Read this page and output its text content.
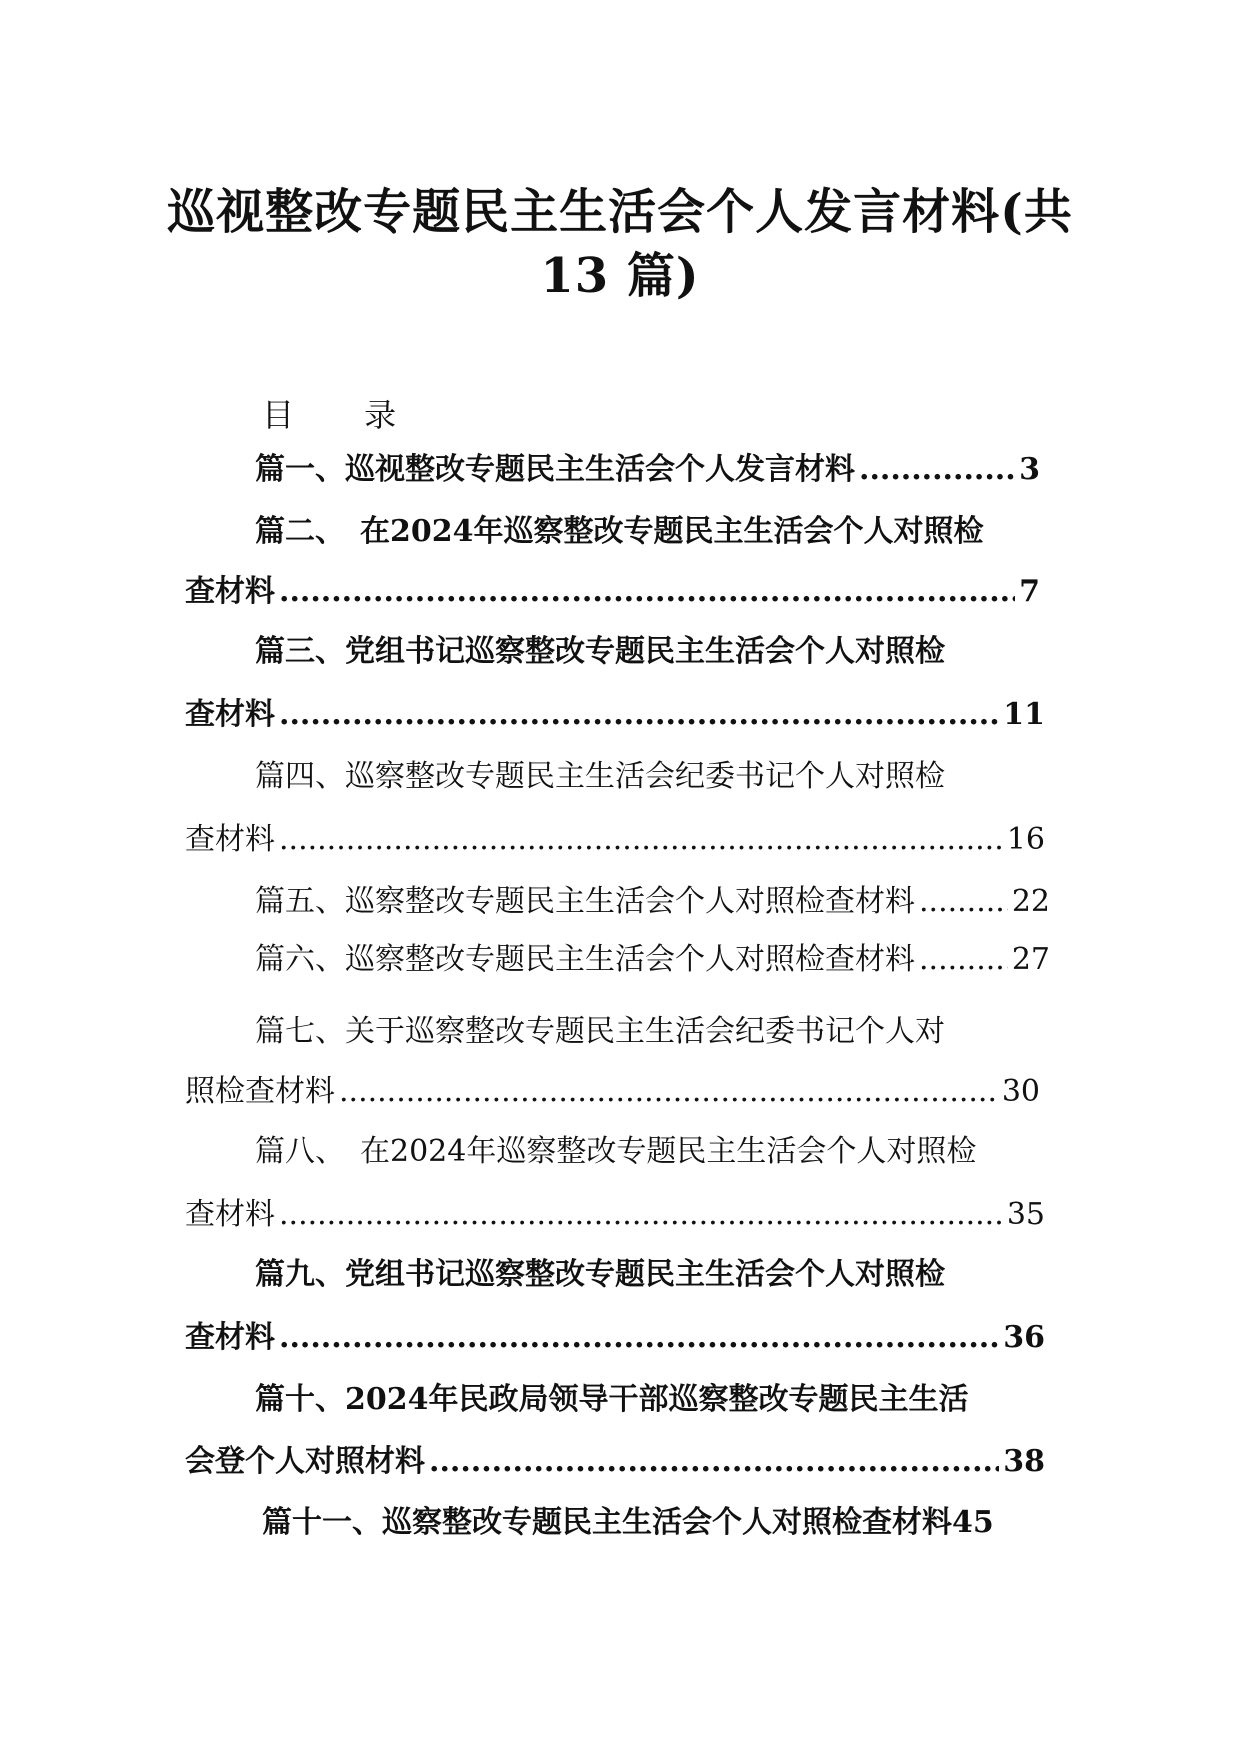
巡视整改专题民主生活会个人发言材料(共
13 篇)
目 录
篇一、巡视整改专题民主生活会个人发言材料 .....	3
篇二、　在2024年巡察整改专题民主生活会个人对照检
查材料 .....	7
篇三、党组书记巡察整改专题民主生活会个人对照检
查材料 .....	11
篇四、巡察整改专题民主生活会纪委书记个人对照检
查材料 .....	16
篇五、巡察整改专题民主生活会个人对照检查材料 .....	22
篇六、巡察整改专题民主生活会个人对照检查材料 .....	27
篇七、关于巡察整改专题民主生活会纪委书记个人对
照检查材料 .....	30
篇八、　在2024年巡察整改专题民主生活会个人对照检
查材料 .....	35
篇九、党组书记巡察整改专题民主生活会个人对照检
查材料 .....	36
篇十、2024年民政局领导干部巡察整改专题民主生活
会登个人对照材料 .....	38
篇十一、巡察整改专题民主生活会个人对照检查材料 45
